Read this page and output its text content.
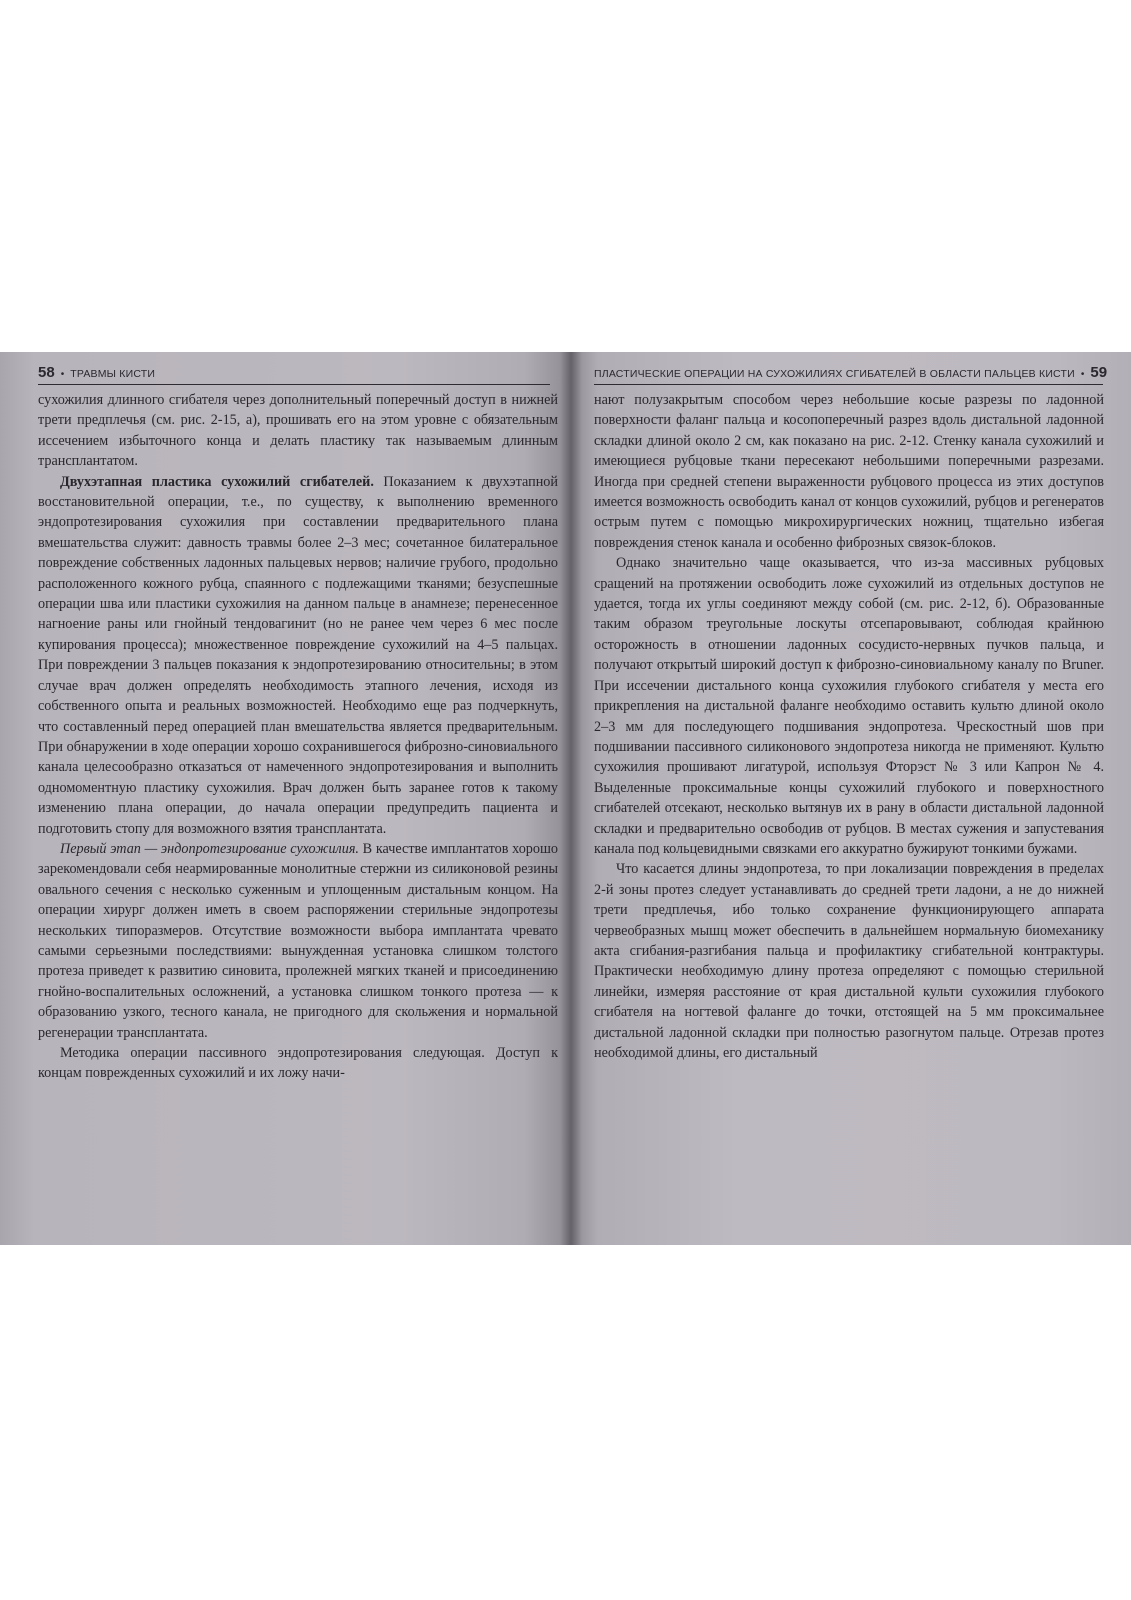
58 • ТРАВМЫ КИСТИ

сухожилия длинного сгибателя через дополнительный поперечный доступ в нижней трети предплечья (см. рис. 2-15, а), прошивать его на этом уровне с обязательным иссечением избыточного конца и делать пластику так называемым длинным трансплантатом.

Двухэтапная пластика сухожилий сгибателей. Показанием к двухэтапной восстановительной операции, т.е., по существу, к выполнению временного эндопротезирования сухожилия при составлении предварительного плана вмешательства служит: давность травмы более 2–3 мес; сочетанное билатеральное повреждение собственных ладонных пальцевых нервов; наличие грубого, продольно расположенного кожного рубца, спаянного с подлежащими тканями; безуспешные операции шва или пластики сухожилия на данном пальце в анамнезе; перенесенное нагноение раны или гнойный тендовагинит (но не ранее чем через 6 мес после купирования процесса); множественное повреждение сухожилий на 4–5 пальцах. При повреждении 3 пальцев показания к эндопротезированию относительны; в этом случае врач должен определять необходимость этапного лечения, исходя из собственного опыта и реальных возможностей. Необходимо еще раз подчеркнуть, что составленный перед операцией план вмешательства является предварительным. При обнаружении в ходе операции хорошо сохранившегося фиброзно-синовиального канала целесообразно отказаться от намеченного эндопротезирования и выполнить одномоментную пластику сухожилия. Врач должен быть заранее готов к такому изменению плана операции, до начала операции предупредить пациента и подготовить стопу для возможного взятия трансплантата.

Первый этап — эндопротезирование сухожилия. В качестве имплантатов хорошо зарекомендовали себя неармированные монолитные стержни из силиконовой резины овального сечения с несколько суженным и уплощенным дистальным концом. На операции хирург должен иметь в своем распоряжении стерильные эндопротезы нескольких типоразмеров. Отсутствие возможности выбора имплантата чревато самыми серьезными последствиями: вынужденная установка слишком толстого протеза приведет к развитию синовита, пролежней мягких тканей и присоединению гнойно-воспалительных осложнений, а установка слишком тонкого протеза — к образованию узкого, тесного канала, не пригодного для скольжения и нормальной регенерации трансплантата.

Методика операции пассивного эндопротезирования следующая. Доступ к концам поврежденных сухожилий и их ложу начи-

ПЛАСТИЧЕСКИЕ ОПЕРАЦИИ НА СУХОЖИЛИЯХ СГИБАТЕЛЕЙ В ОБЛАСТИ ПАЛЬЦЕВ КИСТИ • 59

нают полузакрытым способом через небольшие косые разрезы по ладонной поверхности фаланг пальца и косопоперечный разрез вдоль дистальной ладонной складки длиной около 2 см, как показано на рис. 2-12. Стенку канала сухожилий и имеющиеся рубцовые ткани пересекают небольшими поперечными разрезами. Иногда при средней степени выраженности рубцового процесса из этих доступов имеется возможность освободить канал от концов сухожилий, рубцов и регенератов острым путем с помощью микрохирургических ножниц, тщательно избегая повреждения стенок канала и особенно фиброзных связок-блоков.

Однако значительно чаще оказывается, что из-за массивных рубцовых сращений на протяжении освободить ложе сухожилий из отдельных доступов не удается, тогда их углы соединяют между собой (см. рис. 2-12, б). Образованные таким образом треугольные лоскуты отсепаровывают, соблюдая крайнюю осторожность в отношении ладонных сосудисто-нервных пучков пальца, и получают открытый широкий доступ к фиброзно-синовиальному каналу по Bruner. При иссечении дистального конца сухожилия глубокого сгибателя у места его прикрепления на дистальной фаланге необходимо оставить культю длиной около 2–3 мм для последующего подшивания эндопротеза. Чрескостный шов при подшивании пассивного силиконового эндопротеза никогда не применяют. Культю сухожилия прошивают лигатурой, используя Фторэст № 3 или Капрон № 4. Выделенные проксимальные концы сухожилий глубокого и поверхностного сгибателей отсекают, несколько вытянув их в рану в области дистальной ладонной складки и предварительно освободив от рубцов. В местах сужения и запустевания канала под кольцевидными связками его аккуратно бужируют тонкими бужами.

Что касается длины эндопротеза, то при локализации повреждения в пределах 2-й зоны протез следует устанавливать до средней трети ладони, а не до нижней трети предплечья, ибо только сохранение функционирующего аппарата червеобразных мышц может обеспечить в дальнейшем нормальную биомеханику акта сгибания-разгибания пальца и профилактику сгибательной контрактуры. Практически необходимую длину протеза определяют с помощью стерильной линейки, измеряя расстояние от края дистальной культи сухожилия глубокого сгибателя на ногтевой фаланге до точки, отстоящей на 5 мм проксимальнее дистальной ладонной складки при полностью разогнутом пальце. Отрезав протез необходимой длины, его дистальный
